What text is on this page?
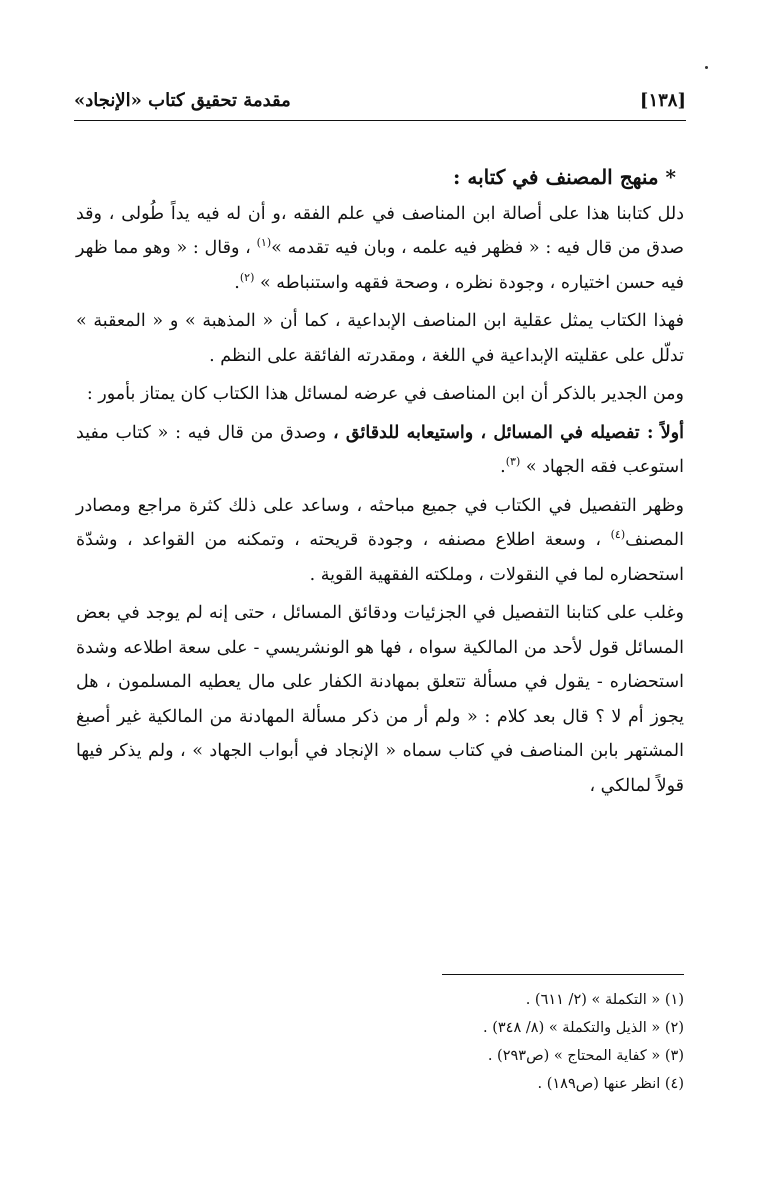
[١٣٨]
مقدمة تحقيق كتاب «الإنجاد»

* منهج المصنف في كتابه :

دلل كتابنا هذا على أصالة ابن المناصف في علم الفقه ،و أن له فيه يداً طُولى ، وقد صدق من قال فيه : « فظهر فيه علمه ، وبان فيه تقدمه »$^{(١)}$ ، وقال : « وهو مما ظهر فيه حسن اختياره ، وجودة نظره ، وصحة فقهه واستنباطه » $^{(٢)}$.

فهذا الكتاب يمثل عقلية ابن المناصف الإبداعية ، كما أن « المذهبة » و « المعقبة » تدلّل على عقليته الإبداعية في اللغة ، ومقدرته الفائقة على النظم .

ومن الجدير بالذكر أن ابن المناصف في عرضه لمسائل هذا الكتاب كان يمتاز بأمور :

أولاً : تفصيله في المسائل ، واستيعابه للدقائق ، وصدق من قال فيه : « كتاب مفيد استوعب فقه الجهاد » $^{(٣)}$.

وظهر التفصيل في الكتاب في جميع مباحثه ، وساعد على ذلك كثرة مراجع ومصادر المصنف$^{(٤)}$ ، وسعة اطلاع مصنفه ، وجودة قريحته ، وتمكنه من القواعد ، وشدّة استحضاره لما في النقولات ، وملكته الفقهية القوية .

وغلب على كتابنا التفصيل في الجزئيات ودقائق المسائل ، حتى إنه لم يوجد في بعض المسائل قول لأحد من المالكية سواه ، فها هو الونشريسي - على سعة اطلاعه وشدة استحضاره - يقول في مسألة تتعلق بمهادنة الكفار على مال يعطيه المسلمون ، هل يجوز أم لا ؟ قال بعد كلام : « ولم أر من ذكر مسألة المهادنة من المالكية غير أصبغ المشتهر بابن المناصف في كتاب سماه « الإنجاد في أبواب الجهاد » ، ولم يذكر فيها قولاً لمالكي ،

(١) « التكملة » (٢/ ٦١١) .
(٢) « الذيل والتكملة » (٨/ ٣٤٨) .
(٣) « كفاية المحتاج » (ص٢٩٣) .
(٤) انظر عنها (ص١٨٩) .
